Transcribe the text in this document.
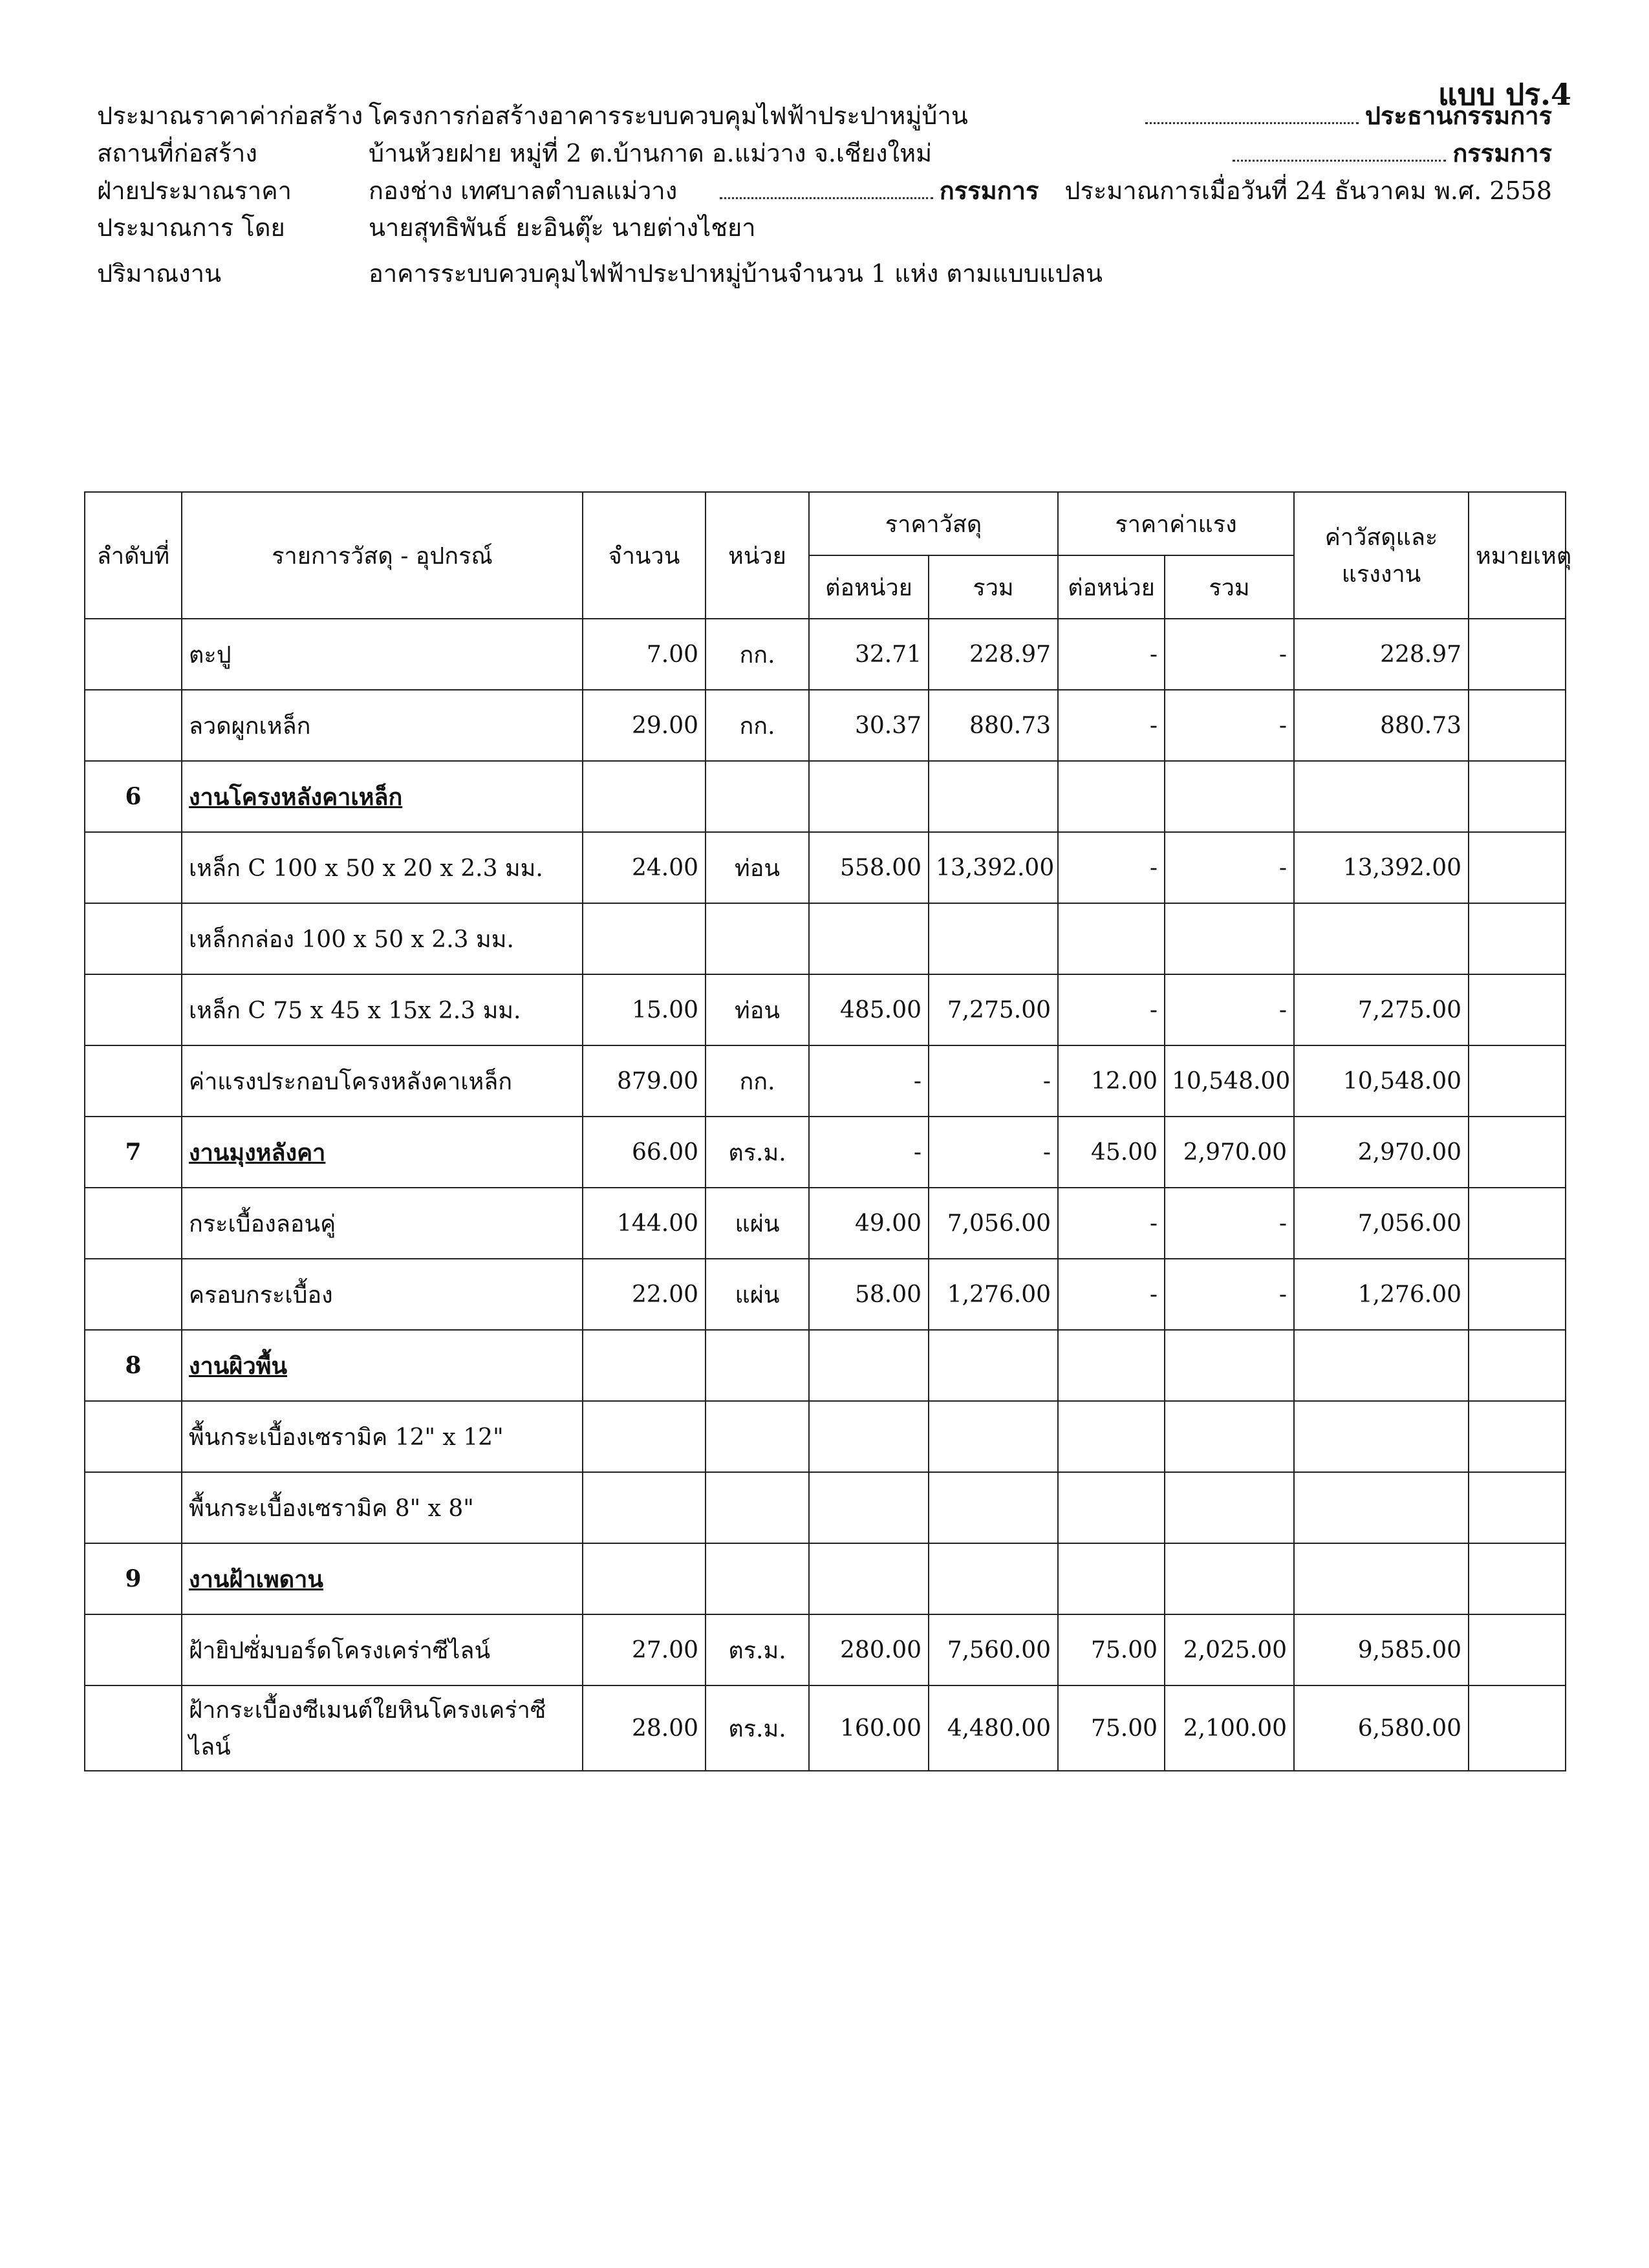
แบบ ปร.4
ประมาณราคาค่าก่อสร้าง โครงการก่อสร้างอาคารระบบควบคุมไฟฟ้าประปาหมู่บ้าน	ประธานกรรมการ
สถานที่ก่อสร้าง	บ้านห้วยฝาย หมู่ที่ 2 ต.บ้านกาด อ.แม่วาง จ.เชียงใหม่	กรรมการ
ฝ่ายประมาณราคา	กองช่าง เทศบาลตำบลแม่วาง	กรรมการ	ประมาณการเมื่อวันที่ 24 ธันวาคม พ.ศ. 2558
ประมาณการ โดย	นายสุทธิพันธ์ ยะอินตุ๊ะ นายต่างไชยา
ปริมาณงาน	อาคารระบบควบคุมไฟฟ้าประปาหมู่บ้านจำนวน 1 แห่ง ตามแบบแปลน
ลำดับที่	รายการวัสดุ - อุปกรณ์	จำนวน	หน่วย	ราคาวัสดุ		ราคาค่าแรง		ค่าวัสดุและแรงงาน	หมายเหตุ
				ต่อหน่วย	รวม	ต่อหน่วย	รวม		
	ตะปู	7.00	กก.	32.71	228.97	-	-	228.97	
	ลวดผูกเหล็ก	29.00	กก.	30.37	880.73	-	-	880.73	
6	งานโครงหลังคาเหล็ก								
	เหล็ก C 100 x 50 x 20 x 2.3 มม.	24.00	ท่อน	558.00	13,392.00	-	-	13,392.00	
	เหล็กกล่อง 100 x 50 x 2.3 มม.								
	เหล็ก C 75 x 45 x 15x 2.3 มม.	15.00	ท่อน	485.00	7,275.00	-	-	7,275.00	
	ค่าแรงประกอบโครงหลังคาเหล็ก	879.00	กก.	-	-	12.00	10,548.00	10,548.00	
7	งานมุงหลังคา	66.00	ตร.ม.	-	-	45.00	2,970.00	2,970.00	
	กระเบื้องลอนคู่	144.00	แผ่น	49.00	7,056.00	-	-	7,056.00	
	ครอบกระเบื้อง	22.00	แผ่น	58.00	1,276.00	-	-	1,276.00	
8	งานผิวพื้น								
	พื้นกระเบื้องเซรามิค 12" x 12"								
	พื้นกระเบื้องเซรามิค 8" x 8"								
9	งานฝ้าเพดาน								
	ฝ้ายิปซั่มบอร์ดโครงเคร่าซีไลน์	27.00	ตร.ม.	280.00	7,560.00	75.00	2,025.00	9,585.00	
	ฝ้ากระเบื้องซีเมนต์ใยหินโครงเคร่าซีไลน์	28.00	ตร.ม.	160.00	4,480.00	75.00	2,100.00	6,580.00	
